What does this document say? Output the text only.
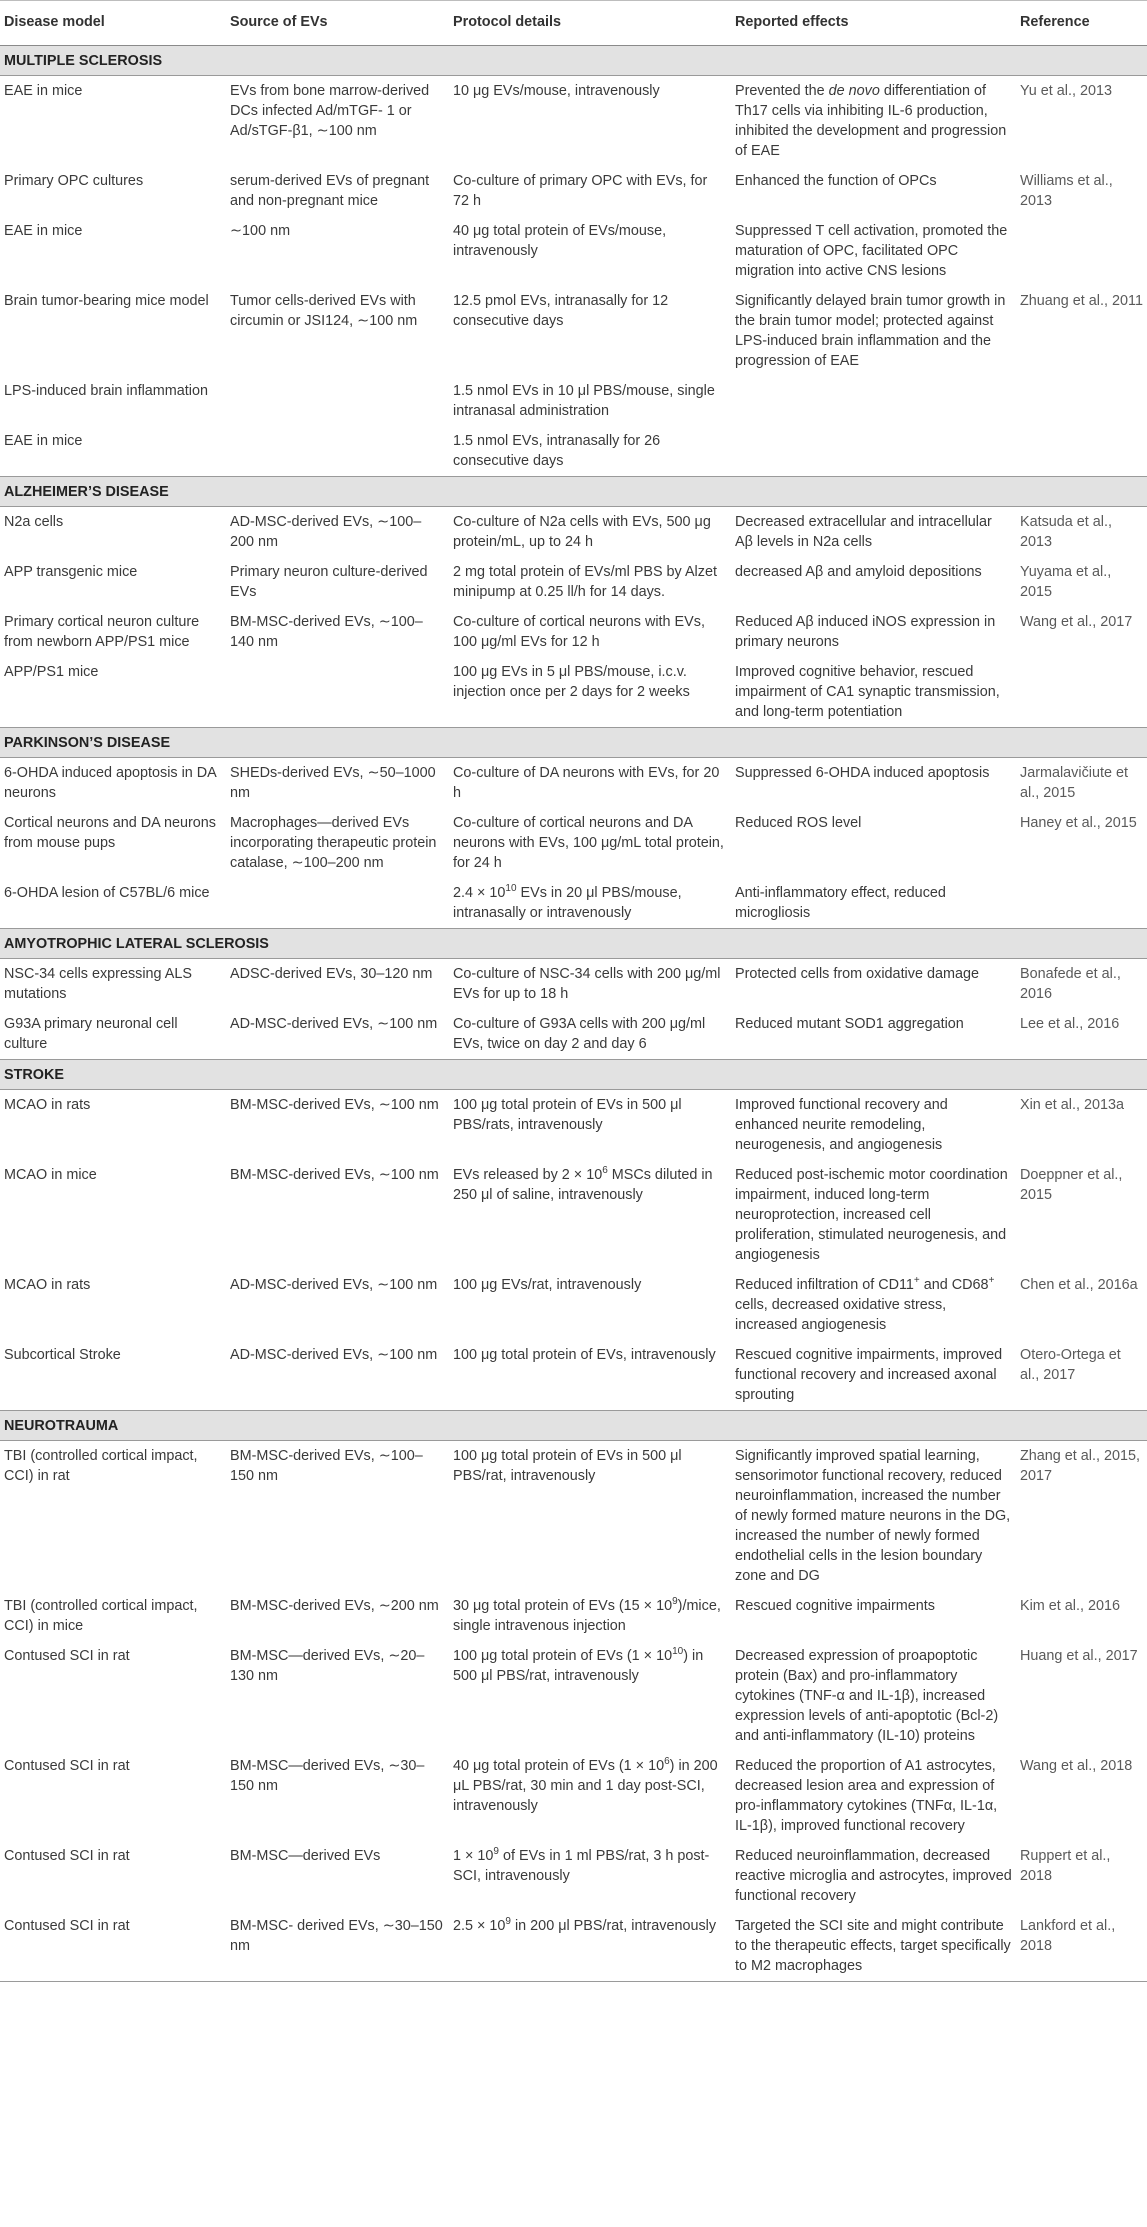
Disease model	Source of EVs	Protocol details	Reported effects	Reference
MULTIPLE SCLEROSIS				
EAE in mice	EVs from bone marrow-derived DCs infected Ad/mTGF- 1 or Ad/sTGF-β1, ∼100 nm	10 μg EVs/mouse, intravenously	Prevented the de novo differentiation of Th17 cells via inhibiting IL-6 production, inhibited the development and progression of EAE	Yu et al., 2013
Primary OPC cultures	serum-derived EVs of pregnant and non-pregnant mice	Co-culture of primary OPC with EVs, for 72 h	Enhanced the function of OPCs	Williams et al., 2013
EAE in mice	∼100 nm	40 μg total protein of EVs/mouse, intravenously	Suppressed T cell activation, promoted the maturation of OPC, facilitated OPC migration into active CNS lesions	
Brain tumor-bearing mice model	Tumor cells-derived EVs with circumin or JSI124, ∼100 nm	12.5 pmol EVs, intranasally for 12 consecutive days	Significantly delayed brain tumor growth in the brain tumor model; protected against LPS-induced brain inflammation and the progression of EAE	Zhuang et al., 2011
LPS-induced brain inflammation		1.5 nmol EVs in 10 μl PBS/mouse, single intranasal administration		
EAE in mice		1.5 nmol EVs, intranasally for 26 consecutive days		
ALZHEIMER’S DISEASE				
N2a cells	AD-MSC-derived EVs, ∼100–200 nm	Co-culture of N2a cells with EVs, 500 μg protein/mL, up to 24 h	Decreased extracellular and intracellular Aβ levels in N2a cells	Katsuda et al., 2013
APP transgenic mice	Primary neuron culture-derived EVs	2 mg total protein of EVs/ml PBS by Alzet minipump at 0.25 ll/h for 14 days.	decreased Aβ and amyloid depositions	Yuyama et al., 2015
Primary cortical neuron culture from newborn APP/PS1 mice	BM-MSC-derived EVs, ∼100–140 nm	Co-culture of cortical neurons with EVs, 100 μg/ml EVs for 12 h	Reduced Aβ induced iNOS expression in primary neurons	Wang et al., 2017
APP/PS1 mice		100 μg EVs in 5 μl PBS/mouse, i.c.v. injection once per 2 days for 2 weeks	Improved cognitive behavior, rescued impairment of CA1 synaptic transmission, and long-term potentiation	
PARKINSON’S DISEASE				
6-OHDA induced apoptosis in DA neurons	SHEDs-derived EVs, ∼50–1000 nm	Co-culture of DA neurons with EVs, for 20 h	Suppressed 6-OHDA induced apoptosis	Jarmalavičiute et al., 2015
Cortical neurons and DA neurons from mouse pups	Macrophages—derived EVs incorporating therapeutic protein catalase, ∼100–200 nm	Co-culture of cortical neurons and DA neurons with EVs, 100 μg/mL total protein, for 24 h	Reduced ROS level	Haney et al., 2015
6-OHDA lesion of C57BL/6 mice		$2.4 \times 10^{10}$ EVs in 20 μl PBS/mouse, intranasally or intravenously	Anti-inflammatory effect, reduced microgliosis	
AMYOTROPHIC LATERAL SCLEROSIS				
NSC-34 cells expressing ALS mutations	ADSC-derived EVs, 30–120 nm	Co-culture of NSC-34 cells with 200 μg/ml EVs for up to 18 h	Protected cells from oxidative damage	Bonafede et al., 2016
G93A primary neuronal cell culture	AD-MSC-derived EVs, ∼100 nm	Co-culture of G93A cells with 200 μg/ml EVs, twice on day 2 and day 6	Reduced mutant SOD1 aggregation	Lee et al., 2016
STROKE				
MCAO in rats	BM-MSC-derived EVs, ∼100 nm	100 μg total protein of EVs in 500 μl PBS/rats, intravenously	Improved functional recovery and enhanced neurite remodeling, neurogenesis, and angiogenesis	Xin et al., 2013a
MCAO in mice	BM-MSC-derived EVs, ∼100 nm	EVs released by $2 \times 10^6$ MSCs diluted in 250 μl of saline, intravenously	Reduced post-ischemic motor coordination impairment, induced long-term neuroprotection, increased cell proliferation, stimulated neurogenesis, and angiogenesis	Doeppner et al., 2015
MCAO in rats	AD-MSC-derived EVs, ∼100 nm	100 μg EVs/rat, intravenously	Reduced infiltration of CD11+ and CD68+ cells, decreased oxidative stress, increased angiogenesis	Chen et al., 2016a
Subcortical Stroke	AD-MSC-derived EVs, ∼100 nm	100 μg total protein of EVs, intravenously	Rescued cognitive impairments, improved functional recovery and increased axonal sprouting	Otero-Ortega et al., 2017
NEUROTRAUMA				
TBI (controlled cortical impact, CCI) in rat	BM-MSC-derived EVs, ∼100–150 nm	100 μg total protein of EVs in 500 μl PBS/rat, intravenously	Significantly improved spatial learning, sensorimotor functional recovery, reduced neuroinflammation, increased the number of newly formed mature neurons in the DG, increased the number of newly formed endothelial cells in the lesion boundary zone and DG	Zhang et al., 2015, 2017
TBI (controlled cortical impact, CCI) in mice	BM-MSC-derived EVs, ∼200 nm	30 μg total protein of EVs $(15 \times 10^9)$/mice, single intravenous injection	Rescued cognitive impairments	Kim et al., 2016
Contused SCI in rat	BM-MSC—derived EVs, ∼20–130 nm	100 μg total protein of EVs $(1 \times 10^{10})$ in 500 μl PBS/rat, intravenously	Decreased expression of proapoptotic protein (Bax) and pro-inflammatory cytokines (TNF-α and IL-1β), increased expression levels of anti-apoptotic (Bcl-2) and anti-inflammatory (IL-10) proteins	Huang et al., 2017
Contused SCI in rat	BM-MSC—derived EVs, ∼30–150 nm	40 μg total protein of EVs $(1 \times 10^6)$ in 200 μL PBS/rat, 30 min and 1 day post-SCI, intravenously	Reduced the proportion of A1 astrocytes, decreased lesion area and expression of pro-inflammatory cytokines (TNFα, IL-1α, IL-1β), improved functional recovery	Wang et al., 2018
Contused SCI in rat	BM-MSC—derived EVs	$1 \times 10^9$ of EVs in 1 ml PBS/rat, 3 h post-SCI, intravenously	Reduced neuroinflammation, decreased reactive microglia and astrocytes, improved functional recovery	Ruppert et al., 2018
Contused SCI in rat	BM-MSC- derived EVs, ∼30–150 nm	$2.5 \times 10^9$ in 200 μl PBS/rat, intravenously	Targeted the SCI site and might contribute to the therapeutic effects, target specifically to M2 macrophages	Lankford et al., 2018
